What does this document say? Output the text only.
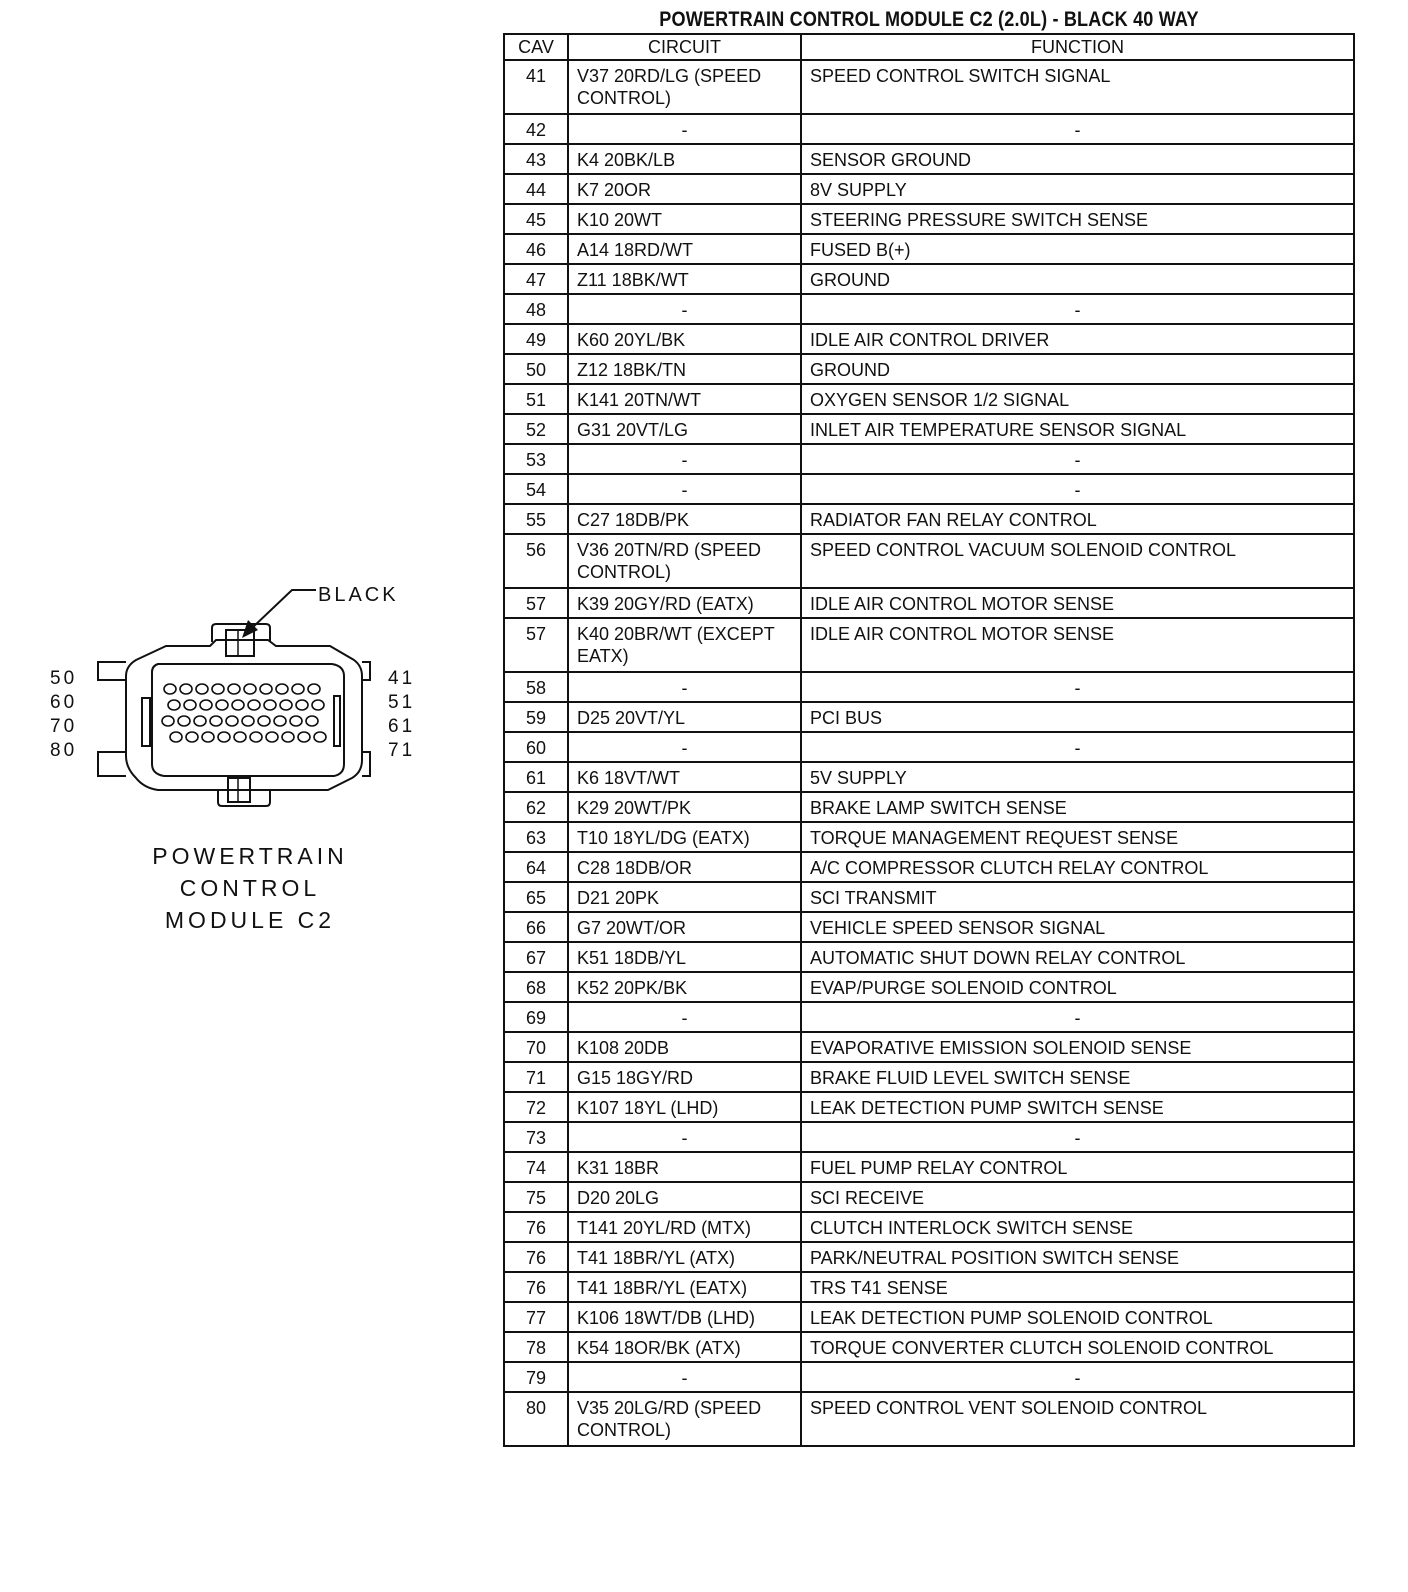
BLACK
50
60
70
80
41
51
61
71
POWERTRAIN
CONTROL
MODULE C2
POWERTRAIN CONTROL MODULE C2 (2.0L) - BLACK 40 WAY
CAV	CIRCUIT	FUNCTION
41	V37 20RD/LG (SPEED CONTROL)	SPEED CONTROL SWITCH SIGNAL
42	-	-
43	K4 20BK/LB	SENSOR GROUND
44	K7 20OR	8V SUPPLY
45	K10 20WT	STEERING PRESSURE SWITCH SENSE
46	A14 18RD/WT	FUSED B(+)
47	Z11 18BK/WT	GROUND
48	-	-
49	K60 20YL/BK	IDLE AIR CONTROL DRIVER
50	Z12 18BK/TN	GROUND
51	K141 20TN/WT	OXYGEN SENSOR 1/2 SIGNAL
52	G31 20VT/LG	INLET AIR TEMPERATURE SENSOR SIGNAL
53	-	-
54	-	-
55	C27 18DB/PK	RADIATOR FAN RELAY CONTROL
56	V36 20TN/RD (SPEED CONTROL)	SPEED CONTROL VACUUM SOLENOID CONTROL
57	K39 20GY/RD (EATX)	IDLE AIR CONTROL MOTOR SENSE
57	K40 20BR/WT (EXCEPT EATX)	IDLE AIR CONTROL MOTOR SENSE
58	-	-
59	D25 20VT/YL	PCI BUS
60	-	-
61	K6 18VT/WT	5V SUPPLY
62	K29 20WT/PK	BRAKE LAMP SWITCH SENSE
63	T10 18YL/DG (EATX)	TORQUE MANAGEMENT REQUEST SENSE
64	C28 18DB/OR	A/C COMPRESSOR CLUTCH RELAY CONTROL
65	D21 20PK	SCI TRANSMIT
66	G7 20WT/OR	VEHICLE SPEED SENSOR SIGNAL
67	K51 18DB/YL	AUTOMATIC SHUT DOWN RELAY CONTROL
68	K52 20PK/BK	EVAP/PURGE SOLENOID CONTROL
69	-	-
70	K108 20DB	EVAPORATIVE EMISSION SOLENOID SENSE
71	G15 18GY/RD	BRAKE FLUID LEVEL SWITCH SENSE
72	K107 18YL (LHD)	LEAK DETECTION PUMP SWITCH SENSE
73	-	-
74	K31 18BR	FUEL PUMP RELAY CONTROL
75	D20 20LG	SCI RECEIVE
76	T141 20YL/RD (MTX)	CLUTCH INTERLOCK SWITCH SENSE
76	T41 18BR/YL (ATX)	PARK/NEUTRAL POSITION SWITCH SENSE
76	T41 18BR/YL (EATX)	TRS T41 SENSE
77	K106 18WT/DB (LHD)	LEAK DETECTION PUMP SOLENOID CONTROL
78	K54 18OR/BK (ATX)	TORQUE CONVERTER CLUTCH SOLENOID CONTROL
79	-	-
80	V35 20LG/RD (SPEED CONTROL)	SPEED CONTROL VENT SOLENOID CONTROL
